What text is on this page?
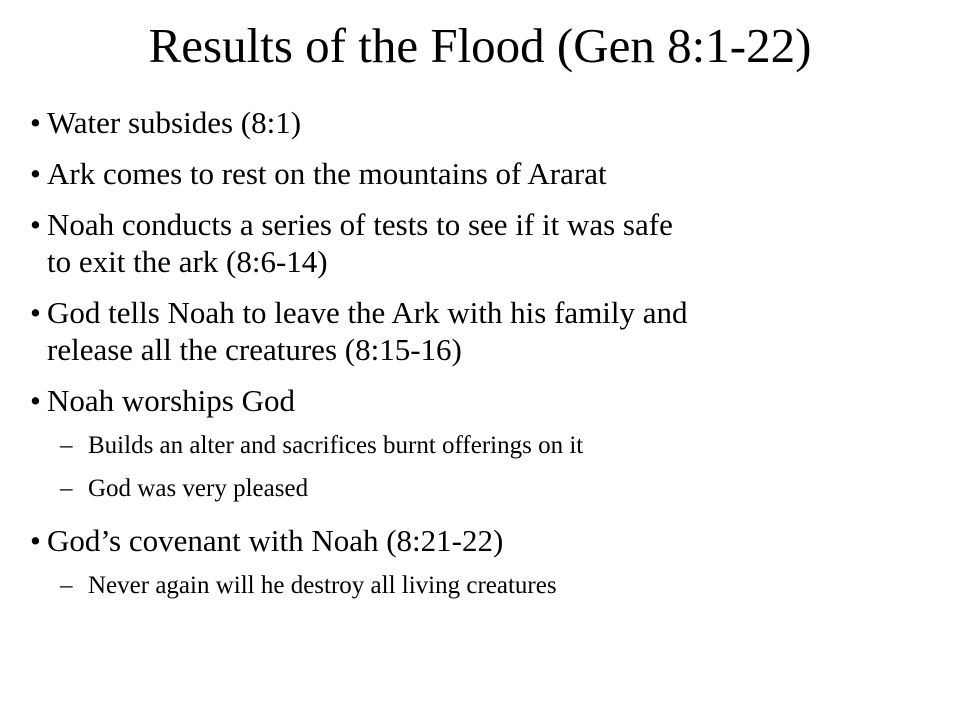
Results of the Flood (Gen 8:1-22)
• Water subsides (8:1)
• Ark comes to rest on the mountains of Ararat
• Noah conducts a series of tests to see if it was safe
to exit the ark (8:6-14)
• God tells Noah to leave the Ark with his family and
release all the creatures (8:15-16)
• Noah worships God
– Builds an alter and sacrifices burnt offerings on it
– God was very pleased
• God’s covenant with Noah (8:21-22)
– Never again will he destroy all living creatures
